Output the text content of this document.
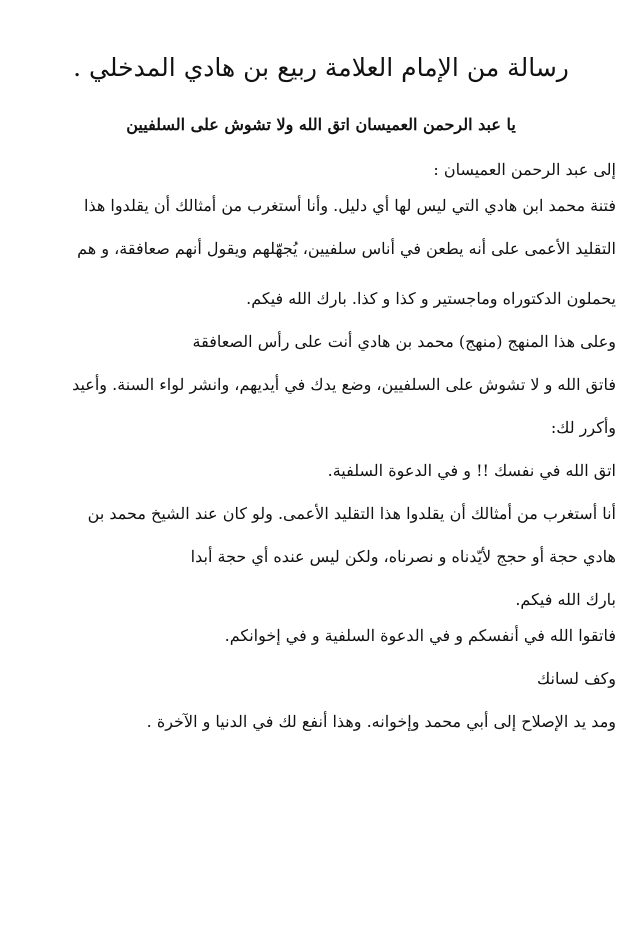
رسالة من الإمام العلامة ربيع بن هادي المدخلي .
يا عبد الرحمن العميسان اتق الله ولا تشوش على السلفيين
إلى عبد الرحمن العميسان :
فتنة محمد ابن هادي التي ليس لها أي دليل. وأنا أستغرب من أمثالك أن يقلدوا هذا
التقليد الأعمى على أنه يطعن في أناس سلفيين، يُجهّلهم ويقول أنهم صعافقة، و هم
يحملون الدكتوراه وماجستير و كذا و كذا. بارك الله فيكم.
وعلى هذا المنهج (منهج) محمد بن هادي أنت على رأس الصعافقة
فاتق الله و لا تشوش على السلفيين، وضع يدك في أيديهم، وانشر لواء السنة. وأعيد
وأكرر لك:
اتق الله في نفسك !! و في الدعوة السلفية.
أنا أستغرب من أمثالك أن يقلدوا هذا التقليد الأعمى. ولو كان عند الشيخ محمد بن
هادي حجة أو حجج لأيّدناه و نصرناه، ولكن ليس عنده أي حجة أبدا
بارك الله فيكم.
فاتقوا الله في أنفسكم و في الدعوة السلفية و في إخوانكم.
وكف لسانك
ومد يد الإصلاح إلى أبي محمد وإخوانه. وهذا أنفع لك في الدنيا و الآخرة .
